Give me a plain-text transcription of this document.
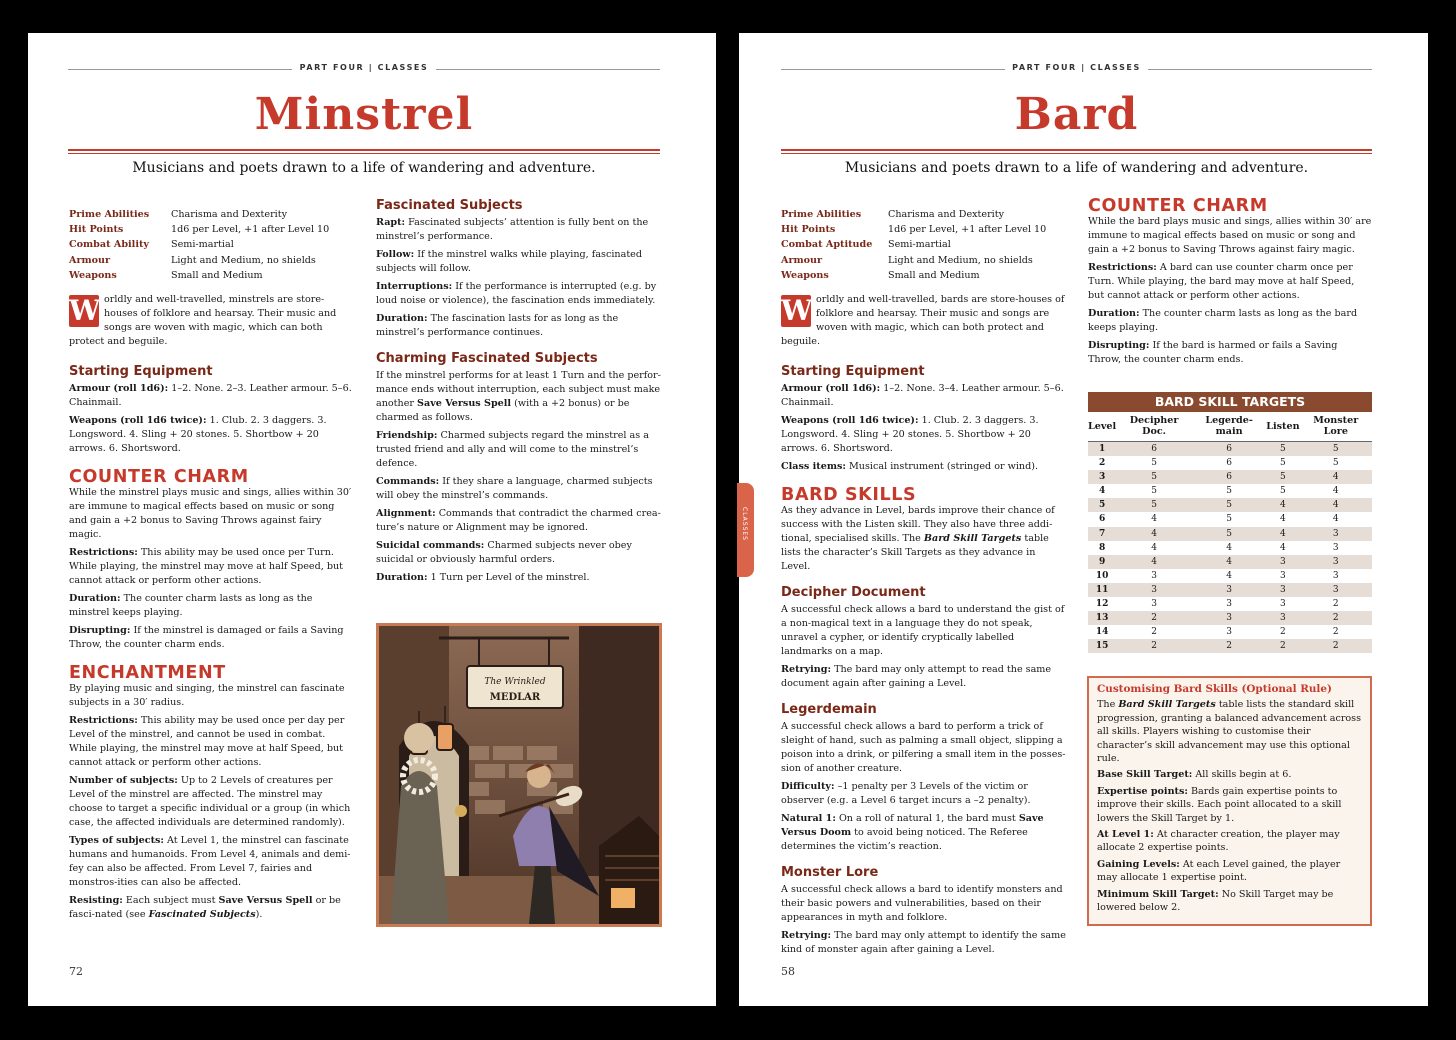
PART FOUR | CLASSES
Minstrel
Musicians and poets drawn to a life of wandering and adventure.
Prime Abilities	Charisma and Dexterity
Hit Points	1d6 per Level, +1 after Level 10
Combat Ability	Semi-martial
Armour	Light and Medium, no shields
Weapons	Small and Medium

W orldly and well-travelled, minstrels are store-houses of folklore and hearsay. Their music and songs are woven with magic, which can both protect and beguile.

Starting Equipment

Armour (roll 1d6): 1–2. None. 2–3. Leather armour. 5–6. Chainmail.

Weapons (roll 1d6 twice): 1. Club. 2. 3 daggers. 3. Longsword. 4. Sling + 20 stones. 5. Shortbow + 20 arrows. 6. Shortsword.

COUNTER CHARM

While the minstrel plays music and sings, allies within 30′ are immune to magical effects based on music or song and gain a +2 bonus to Saving Throws against fairy magic.

Restrictions: This ability may be used once per Turn. While playing, the minstrel may move at half Speed, but cannot attack or perform other actions.

Duration: The counter charm lasts as long as the minstrel keeps playing.

Disrupting: If the minstrel is damaged or fails a Saving Throw, the counter charm ends.

ENCHANTMENT

By playing music and singing, the minstrel can fascinate subjects in a 30′ radius.

Restrictions: This ability may be used once per day per Level of the minstrel, and cannot be used in combat. While playing, the minstrel may move at half Speed, but cannot attack or perform other actions.

Number of subjects: Up to 2 Levels of creatures per Level of the minstrel are affected. The minstrel may choose to target a specific individual or a group (in which case, the affected individuals are determined randomly).

Types of subjects: At Level 1, the minstrel can fascinate humans and humanoids. From Level 4, animals and demi-fey can also be affected. From Level 7, fairies and monstros-ities can also be affected.

Resisting: Each subject must Save Versus Spell or be fasci-nated (see Fascinated Subjects).

Fascinated Subjects

Rapt: Fascinated subjects’ attention is fully bent on the minstrel’s performance.

Follow: If the minstrel walks while playing, fascinated subjects will follow.

Interruptions: If the performance is interrupted (e.g. by loud noise or violence), the fascination ends immediately.

Duration: The fascination lasts for as long as the minstrel’s performance continues.

Charming Fascinated Subjects

If the minstrel performs for at least 1 Turn and the perfor-mance ends without interruption, each subject must make another Save Versus Spell (with a +2 bonus) or be charmed as follows.

Friendship: Charmed subjects regard the minstrel as a trusted friend and ally and will come to the minstrel’s defence.

Commands: If they share a language, charmed subjects will obey the minstrel’s commands.

Alignment: Commands that contradict the charmed crea-ture’s nature or Alignment may be ignored.

Suicidal commands: Charmed subjects never obey suicidal or obviously harmful orders.

Duration: 1 Turn per Level of the minstrel.

The Wrinkled
MEDLAR
72
CLASSES
PART FOUR | CLASSES
Bard
Musicians and poets drawn to a life of wandering and adventure.
Prime Abilities	Charisma and Dexterity
Hit Points	1d6 per Level, +1 after Level 10
Combat Aptitude	Semi-martial
Armour	Light and Medium, no shields
Weapons	Small and Medium

W orldly and well-travelled, bards are store-houses of folklore and hearsay. Their music and songs are woven with magic, which can both protect and beguile.

Starting Equipment

Armour (roll 1d6): 1–2. None. 3–4. Leather armour. 5–6. Chainmail.

Weapons (roll 1d6 twice): 1. Club. 2. 3 daggers. 3. Longsword. 4. Sling + 20 stones. 5. Shortbow + 20 arrows. 6. Shortsword.

Class items: Musical instrument (stringed or wind).

BARD SKILLS

As they advance in Level, bards improve their chance of success with the Listen skill. They also have three addi-tional, specialised skills. The Bard Skill Targets table lists the character’s Skill Targets as they advance in Level.

Decipher Document

A successful check allows a bard to understand the gist of a non-magical text in a language they do not speak, unravel a cypher, or identify cryptically labelled landmarks on a map.

Retrying: The bard may only attempt to read the same document again after gaining a Level.

Legerdemain

A successful check allows a bard to perform a trick of sleight of hand, such as palming a small object, slipping a poison into a drink, or pilfering a small item in the posses-sion of another creature.

Difficulty: –1 penalty per 3 Levels of the victim or observer (e.g. a Level 6 target incurs a –2 penalty).

Natural 1: On a roll of natural 1, the bard must Save Versus Doom to avoid being noticed. The Referee determines the victim’s reaction.

Monster Lore

A successful check allows a bard to identify monsters and their basic powers and vulnerabilities, based on their appearances in myth and folklore.

Retrying: The bard may only attempt to identify the same kind of monster again after gaining a Level.

COUNTER CHARM

While the bard plays music and sings, allies within 30′ are immune to magical effects based on music or song and gain a +2 bonus to Saving Throws against fairy magic.

Restrictions: A bard can use counter charm once per Turn. While playing, the bard may move at half Speed, but cannot attack or perform other actions.

Duration: The counter charm lasts as long as the bard keeps playing.

Disrupting: If the bard is harmed or fails a Saving Throw, the counter charm ends.

BARD SKILL TARGETS
Level	Decipher Doc.	Legerde-main	Listen	Monster Lore
1	6	6	5	5
2	5	6	5	5
3	5	6	5	4
4	5	5	5	4
5	5	5	4	4
6	4	5	4	4
7	4	5	4	3
8	4	4	4	3
9	4	4	3	3
10	3	4	3	3
11	3	3	3	3
12	3	3	3	2
13	2	3	3	2
14	2	3	2	2
15	2	2	2	2
Customising Bard Skills (Optional Rule)

The Bard Skill Targets table lists the standard skill progression, granting a balanced advancement across all skills. Players wishing to customise their character’s skill advancement may use this optional rule.

Base Skill Target: All skills begin at 6.

Expertise points: Bards gain expertise points to improve their skills. Each point allocated to a skill lowers the Skill Target by 1.

At Level 1: At character creation, the player may allocate 2 expertise points.

Gaining Levels: At each Level gained, the player may allocate 1 expertise point.

Minimum Skill Target: No Skill Target may be lowered below 2.

58
